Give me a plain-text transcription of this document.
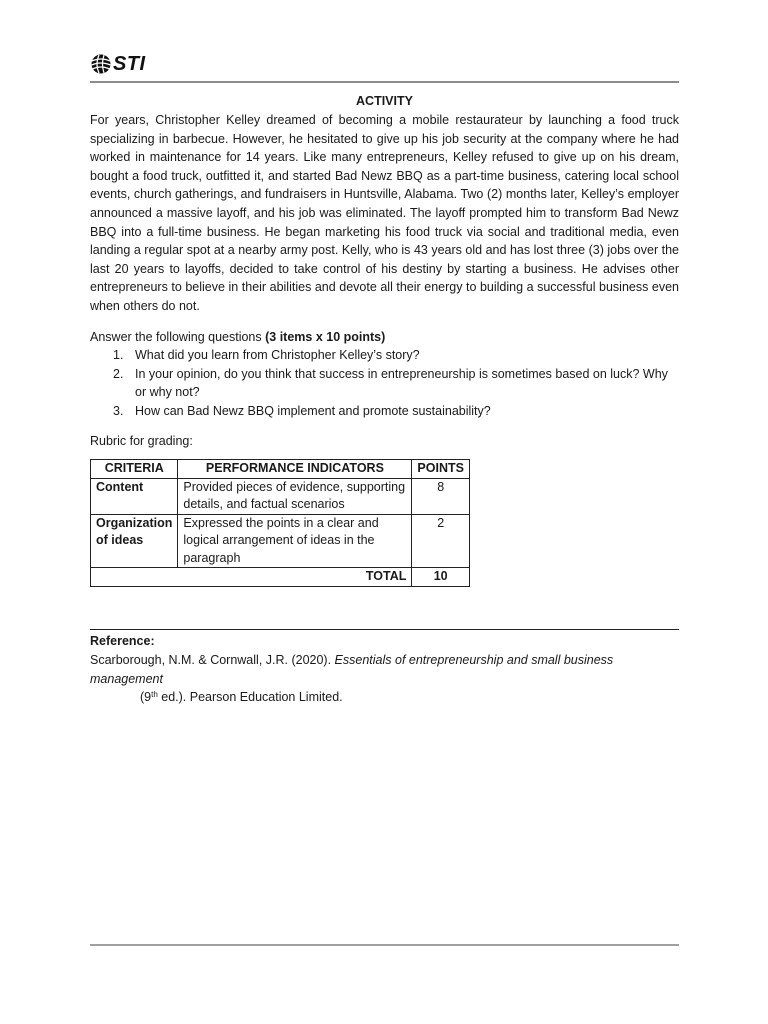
STI
ACTIVITY

For years, Christopher Kelley dreamed of becoming a mobile restaurateur by launching a food truck specializing in barbecue. However, he hesitated to give up his job security at the company where he had worked in maintenance for 14 years. Like many entrepreneurs, Kelley refused to give up on his dream, bought a food truck, outfitted it, and started Bad Newz BBQ as a part-time business, catering local school events, church gatherings, and fundraisers in Huntsville, Alabama. Two (2) months later, Kelley’s employer announced a massive layoff, and his job was eliminated. The layoff prompted him to transform Bad Newz BBQ into a full-time business. He began marketing his food truck via social and traditional media, even landing a regular spot at a nearby army post. Kelly, who is 43 years old and has lost three (3) jobs over the last 20 years to layoffs, decided to take control of his destiny by starting a business. He advises other entrepreneurs to believe in their abilities and devote all their energy to building a successful business even when others do not.

Answer the following questions (3 items x 10 points)
1. What did you learn from Christopher Kelley’s story?
2. In your opinion, do you think that success in entrepreneurship is sometimes based on luck? Why or why not?
3. How can Bad Newz BBQ implement and promote sustainability?
Rubric for grading:
CRITERIA	PERFORMANCE INDICATORS	POINTS
Content	Provided pieces of evidence, supporting details, and factual scenarios	8
Organization of ideas	Expressed the points in a clear and logical arrangement of ideas in the paragraph	2
TOTAL		10
Reference:
Scarborough, N.M. & Cornwall, J.R. (2020). Essentials of entrepreneurship and small business management
(9th ed.). Pearson Education Limited.
